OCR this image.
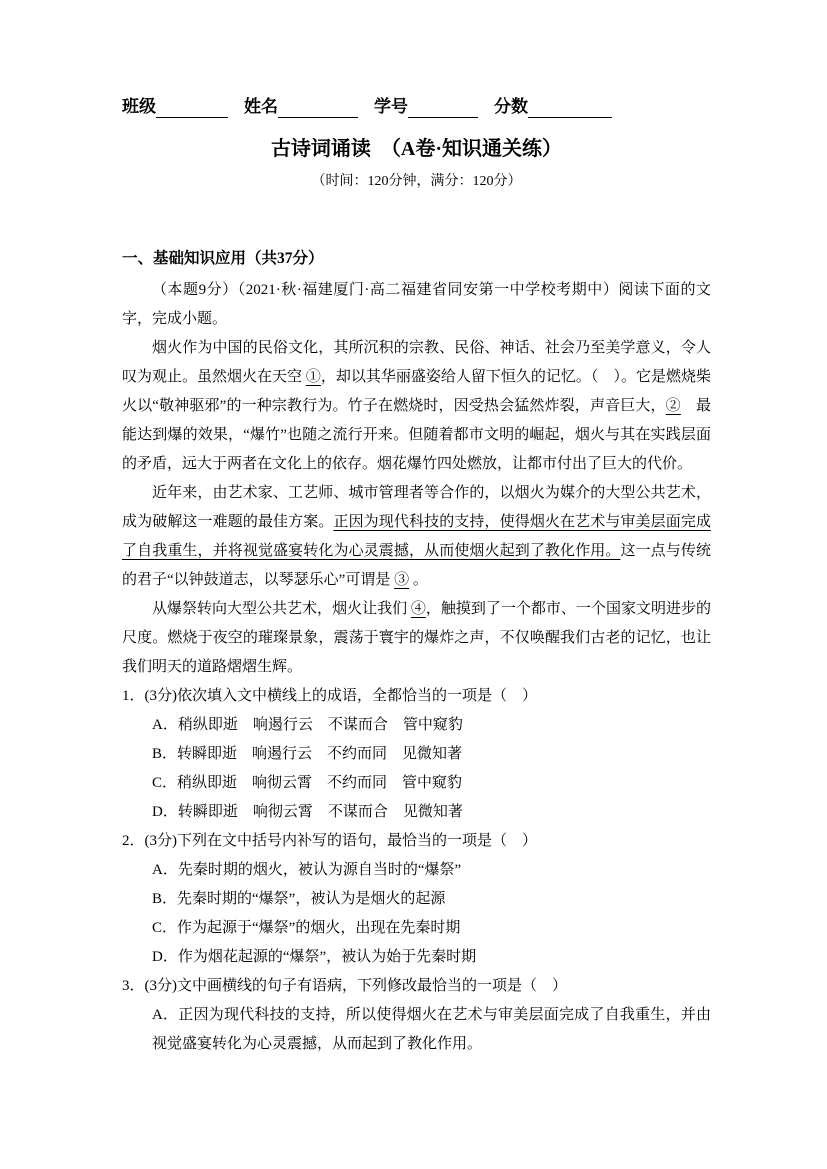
班级	姓名	学号	分数
古诗词诵读　（A卷·知识通关练）
（时间：120分钟，满分：120分）
一、基础知识应用（共37分）

（本题9分）（2021·秋·福建厦门·高二福建省同安第一中学校考期中）阅读下面的文字，完成小题。

烟火作为中国的民俗文化，其所沉积的宗教、民俗、神话、社会乃至美学意义，令人叹为观止。虽然烟火在天空 ①，却以其华丽盛姿给人留下恒久的记忆。（　）。它是燃烧柴火以“敬神驱邪”的一种宗教行为。竹子在燃烧时，因受热会猛然炸裂，声音巨大，②　最能达到爆的效果，“爆竹”也随之流行开来。但随着都市文明的崛起，烟火与其在实践层面的矛盾，远大于两者在文化上的依存。烟花爆竹四处燃放，让都市付出了巨大的代价。

近年来，由艺术家、工艺师、城市管理者等合作的，以烟火为媒介的大型公共艺术，成为破解这一难题的最佳方案。正因为现代科技的支持，使得烟火在艺术与审美层面完成了自我重生，并将视觉盛宴转化为心灵震撼，从而使烟火起到了教化作用。这一点与传统的君子“以钟鼓道志，以琴瑟乐心”可谓是 ③ 。

从爆祭转向大型公共艺术，烟火让我们 ④，触摸到了一个都市、一个国家文明进步的尺度。燃烧于夜空的璀璨景象，震荡于寰宇的爆炸之声，不仅唤醒我们古老的记忆，也让我们明天的道路熠熠生辉。

1．(3分)依次填入文中横线上的成语，全都恰当的一项是（　）

A．稍纵即逝　响遏行云　不谋而合　管中窥豹

B．转瞬即逝　响遏行云　不约而同　见微知著

C．稍纵即逝　响彻云霄　不约而同　管中窥豹

D．转瞬即逝　响彻云霄　不谋而合　见微知著

2．(3分)下列在文中括号内补写的语句，最恰当的一项是（　）

A．先秦时期的烟火，被认为源自当时的“爆祭”

B．先秦时期的“爆祭”，被认为是烟火的起源

C．作为起源于“爆祭”的烟火，出现在先秦时期

D．作为烟花起源的“爆祭”，被认为始于先秦时期

3．(3分)文中画横线的句子有语病，下列修改最恰当的一项是（　）

A．正因为现代科技的支持，所以使得烟火在艺术与审美层面完成了自我重生，并由视觉盛宴转化为心灵震撼，从而起到了教化作用。
